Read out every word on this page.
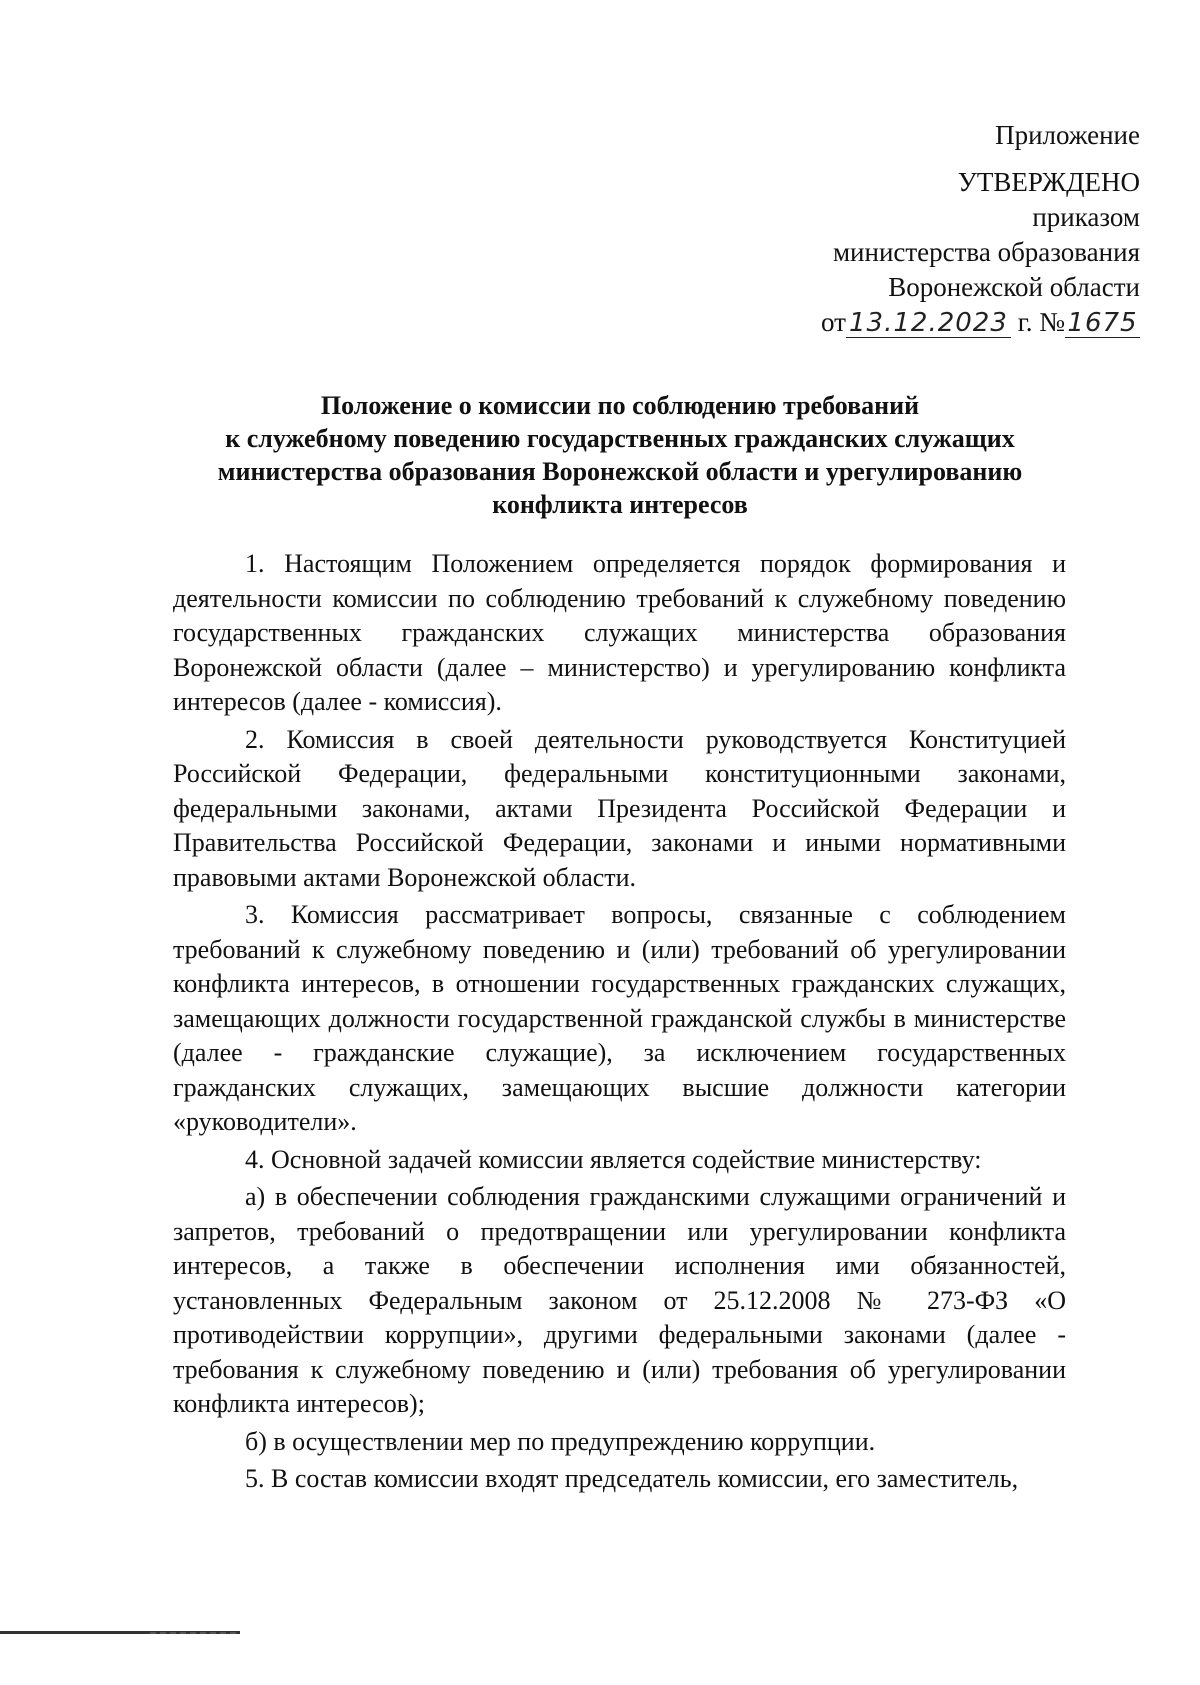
Приложение
УТВЕРЖДЕНО
приказом
министерства образования
Воронежской области
от 13.12.2023 г. №1675
Положение о комиссии по соблюдению требований
к служебному поведению государственных гражданских служащих
министерства образования Воронежской области и урегулированию
конфликта интересов

1. Настоящим Положением определяется порядок формирования и деятельности комиссии по соблюдению требований к служебному поведению государственных гражданских служащих министерства образования Воронежской области (далее – министерство) и урегулированию конфликта интересов (далее - комиссия).

2. Комиссия в своей деятельности руководствуется Конституцией Российской Федерации, федеральными конституционными законами, федеральными законами, актами Президента Российской Федерации и Правительства Российской Федерации, законами и иными нормативными правовыми актами Воронежской области.

3. Комиссия рассматривает вопросы, связанные с соблюдением требований к служебному поведению и (или) требований об урегулировании конфликта интересов, в отношении государственных гражданских служащих, замещающих должности государственной гражданской службы в министерстве (далее - гражданские служащие), за исключением государственных гражданских служащих, замещающих высшие должности категории «руководители».

4. Основной задачей комиссии является содействие министерству:

а) в обеспечении соблюдения гражданскими служащими ограничений и запретов, требований о предотвращении или урегулировании конфликта интересов, а также в обеспечении исполнения ими обязанностей, установленных Федеральным законом от 25.12.2008 № 273-ФЗ «О противодействии коррупции», другими федеральными законами (далее - требования к служебному поведению и (или) требования об урегулировании конфликта интересов);

б) в осуществлении мер по предупреждению коррупции.

5. В состав комиссии входят председатель комиссии, его заместитель,
